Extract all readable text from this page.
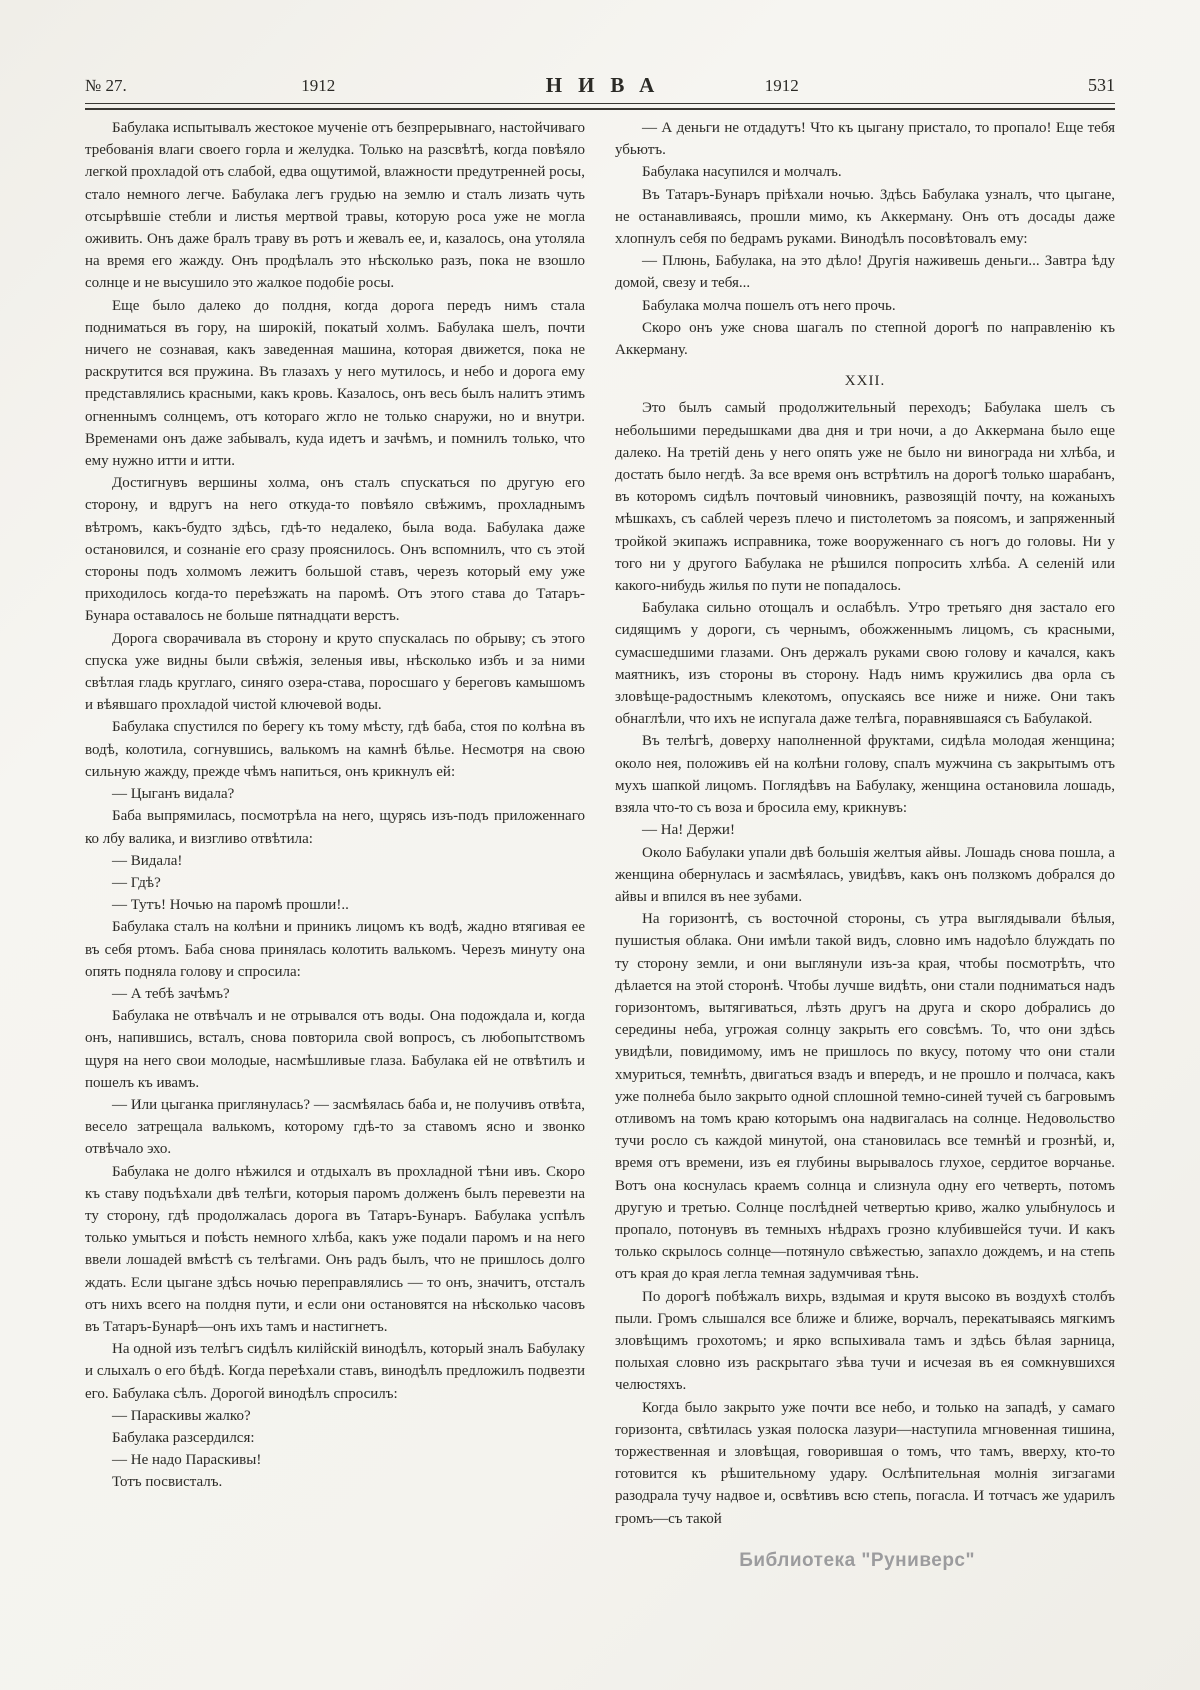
№ 27.	1912	НИВА	1912	531

Бабулака испытывалъ жестокое мученіе отъ безпрерывнаго, настойчиваго требованія влаги своего горла и желудка. Только на разсвѣтѣ, когда повѣяло легкой прохладой отъ слабой, едва ощутимой, влажности предутренней росы, стало немного легче. Бабулака легъ грудью на землю и сталъ лизать чуть отсырѣвшіе стебли и листья мертвой травы, которую роса уже не могла оживить. Онъ даже бралъ траву въ ротъ и жевалъ ее, и, казалось, она утоляла на время его жажду. Онъ продѣлалъ это нѣсколько разъ, пока не взошло солнце и не высушило это жалкое подобіе росы.

Еще было далеко до полдня, когда дорога передъ нимъ стала подниматься въ гору, на широкій, покатый холмъ. Бабулака шелъ, почти ничего не сознавая, какъ заведенная машина, которая движется, пока не раскрутится вся пружина. Въ глазахъ у него мутилось, и небо и дорога ему представлялись красными, какъ кровь. Казалось, онъ весь былъ налитъ этимъ огненнымъ солнцемъ, отъ котораго жгло не только снаружи, но и внутри. Временами онъ даже забывалъ, куда идетъ и зачѣмъ, и помнилъ только, что ему нужно итти и итти.

Достигнувъ вершины холма, онъ сталъ спускаться по другую его сторону, и вдругъ на него откуда-то повѣяло свѣжимъ, прохладнымъ вѣтромъ, какъ-будто здѣсь, гдѣ-то недалеко, была вода. Бабулака даже остановился, и сознаніе его сразу прояснилось. Онъ вспомнилъ, что съ этой стороны подъ холмомъ лежитъ большой ставъ, черезъ который ему уже приходилось когда-то переѣзжать на паромѣ. Отъ этого става до Татаръ-Бунара оставалось не больше пятнадцати верстъ.

Дорога сворачивала въ сторону и круто спускалась по обрыву; съ этого спуска уже видны были свѣжія, зеленыя ивы, нѣсколько избъ и за ними свѣтлая гладь круглаго, синяго озера-става, поросшаго у береговъ камышомъ и вѣявшаго прохладой чистой ключевой воды.

Бабулака спустился по берегу къ тому мѣсту, гдѣ баба, стоя по колѣна въ водѣ, колотила, согнувшись, валькомъ на камнѣ бѣлье. Несмотря на свою сильную жажду, прежде чѣмъ напиться, онъ крикнулъ ей:

— Цыганъ видала?

Баба выпрямилась, посмотрѣла на него, щурясь изъ-подъ приложеннаго ко лбу валика, и визгливо отвѣтила:

— Видала!

— Гдѣ?

— Тутъ! Ночью на паромѣ прошли!..

Бабулака сталъ на колѣни и приникъ лицомъ къ водѣ, жадно втягивая ее въ себя ртомъ. Баба снова принялась колотить валькомъ. Черезъ минуту она опять подняла голову и спросила:

— А тебѣ зачѣмъ?

Бабулака не отвѣчалъ и не отрывался отъ воды. Она подождала и, когда онъ, напившись, всталъ, снова повторила свой вопросъ, съ любопытствомъ щуря на него свои молодые, насмѣшливые глаза. Бабулака ей не отвѣтилъ и пошелъ къ ивамъ.

— Или цыганка приглянулась? — засмѣялась баба и, не получивъ отвѣта, весело затрещала валькомъ, которому гдѣ-то за ставомъ ясно и звонко отвѣчало эхо.

Бабулака не долго нѣжился и отдыхалъ въ прохладной тѣни ивъ. Скоро къ ставу подъѣхали двѣ телѣги, которыя паромъ долженъ былъ перевезти на ту сторону, гдѣ продолжалась дорога въ Татаръ-Бунаръ. Бабулака успѣлъ только умыться и поѣсть немного хлѣба, какъ уже подали паромъ и на него ввели лошадей вмѣстѣ съ телѣгами. Онъ радъ былъ, что не пришлось долго ждать. Если цыгане здѣсь ночью переправлялись — то онъ, значитъ, отсталъ отъ нихъ всего на полдня пути, и если они остановятся на нѣсколько часовъ въ Татаръ-Бунарѣ—онъ ихъ тамъ и настигнетъ.

На одной изъ телѣгъ сидѣлъ килійскій винодѣлъ, который зналъ Бабулаку и слыхалъ о его бѣдѣ. Когда переѣхали ставъ, винодѣлъ предложилъ подвезти его. Бабулака сѣлъ. Дорогой винодѣлъ спросилъ:

— Параскивы жалко?

Бабулака разсердился:

— Не надо Параскивы!

Тотъ посвисталъ.

— А деньги не отдадутъ! Что къ цыгану пристало, то пропало! Еще тебя убьютъ.

Бабулака насупился и молчалъ.

Въ Татаръ-Бунаръ пріѣхали ночью. Здѣсь Бабулака узналъ, что цыгане, не останавливаясь, прошли мимо, къ Аккерману. Онъ отъ досады даже хлопнулъ себя по бедрамъ руками. Винодѣлъ посовѣтовалъ ему:

— Плюнь, Бабулака, на это дѣло! Другія наживешь деньги... Завтра ѣду домой, свезу и тебя...

Бабулака молча пошелъ отъ него прочь.

Скоро онъ уже снова шагалъ по степной дорогѣ по направленію къ Аккерману.

XXII.

Это былъ самый продолжительный переходъ; Бабулака шелъ съ небольшими передышками два дня и три ночи, а до Аккермана было еще далеко. На третій день у него опять уже не было ни винограда ни хлѣба, и достать было негдѣ. За все время онъ встрѣтилъ на дорогѣ только шарабанъ, въ которомъ сидѣлъ почтовый чиновникъ, развозящій почту, на кожаныхъ мѣшкахъ, съ саблей черезъ плечо и пистолетомъ за поясомъ, и запряженный тройкой экипажъ исправника, тоже вооруженнаго съ ногъ до головы. Ни у того ни у другого Бабулака не рѣшился попросить хлѣба. А селеній или какого-нибудь жилья по пути не попадалось.

Бабулака сильно отощалъ и ослабѣлъ. Утро третьяго дня застало его сидящимъ у дороги, съ чернымъ, обожженнымъ лицомъ, съ красными, сумасшедшими глазами. Онъ держалъ руками свою голову и качался, какъ маятникъ, изъ стороны въ сторону. Надъ нимъ кружились два орла съ зловѣще-радостнымъ клекотомъ, опускаясь все ниже и ниже. Они такъ обнаглѣли, что ихъ не испугала даже телѣга, поравнявшаяся съ Бабулакой.

Въ телѣгѣ, доверху наполненной фруктами, сидѣла молодая женщина; около нея, положивъ ей на колѣни голову, спалъ мужчина съ закрытымъ отъ мухъ шапкой лицомъ. Поглядѣвъ на Бабулаку, женщина остановила лошадь, взяла что-то съ воза и бросила ему, крикнувъ:

— На! Держи!

Около Бабулаки упали двѣ большія желтыя айвы. Лошадь снова пошла, а женщина обернулась и засмѣялась, увидѣвъ, какъ онъ ползкомъ добрался до айвы и впился въ нее зубами.

На горизонтѣ, съ восточной стороны, съ утра выглядывали бѣлыя, пушистыя облака. Они имѣли такой видъ, словно имъ надоѣло блуждать по ту сторону земли, и они выглянули изъ-за края, чтобы посмотрѣть, что дѣлается на этой сторонѣ. Чтобы лучше видѣть, они стали подниматься надъ горизонтомъ, вытягиваться, лѣзть другъ на друга и скоро добрались до середины неба, угрожая солнцу закрыть его совсѣмъ. То, что они здѣсь увидѣли, повидимому, имъ не пришлось по вкусу, потому что они стали хмуриться, темнѣть, двигаться взадъ и впередъ, и не прошло и полчаса, какъ уже полнеба было закрыто одной сплошной темно-синей тучей съ багровымъ отливомъ на томъ краю которымъ она надвигалась на солнце. Недовольство тучи росло съ каждой минутой, она становилась все темнѣй и грознѣй, и, время отъ времени, изъ ея глубины вырывалось глухое, сердитое ворчанье. Вотъ она коснулась краемъ солнца и слизнула одну его четверть, потомъ другую и третью. Солнце послѣдней четвертью криво, жалко улыбнулось и пропало, потонувъ въ темныхъ нѣдрахъ грозно клубившейся тучи. И какъ только скрылось солнце—потянуло свѣжестью, запахло дождемъ, и на степь отъ края до края легла темная задумчивая тѣнь.

По дорогѣ побѣжалъ вихрь, вздымая и крутя высоко въ воздухѣ столбъ пыли. Громъ слышался все ближе и ближе, ворчалъ, перекатываясь мягкимъ зловѣщимъ грохотомъ; и ярко вспыхивала тамъ и здѣсь бѣлая зарница, полыхая словно изъ раскрытаго зѣва тучи и исчезая въ ея сомкнувшихся челюстяхъ.

Когда было закрыто уже почти все небо, и только на западѣ, у самаго горизонта, свѣтилась узкая полоска лазури—наступила мгновенная тишина, торжественная и зловѣщая, говорившая о томъ, что тамъ, вверху, кто-то готовится къ рѣшительному удару. Ослѣпительная молнія зигзагами разодрала тучу надвое и, освѣтивъ всю степь, погасла. И тотчасъ же ударилъ громъ—съ такой

Библиотека "Руниверс"
